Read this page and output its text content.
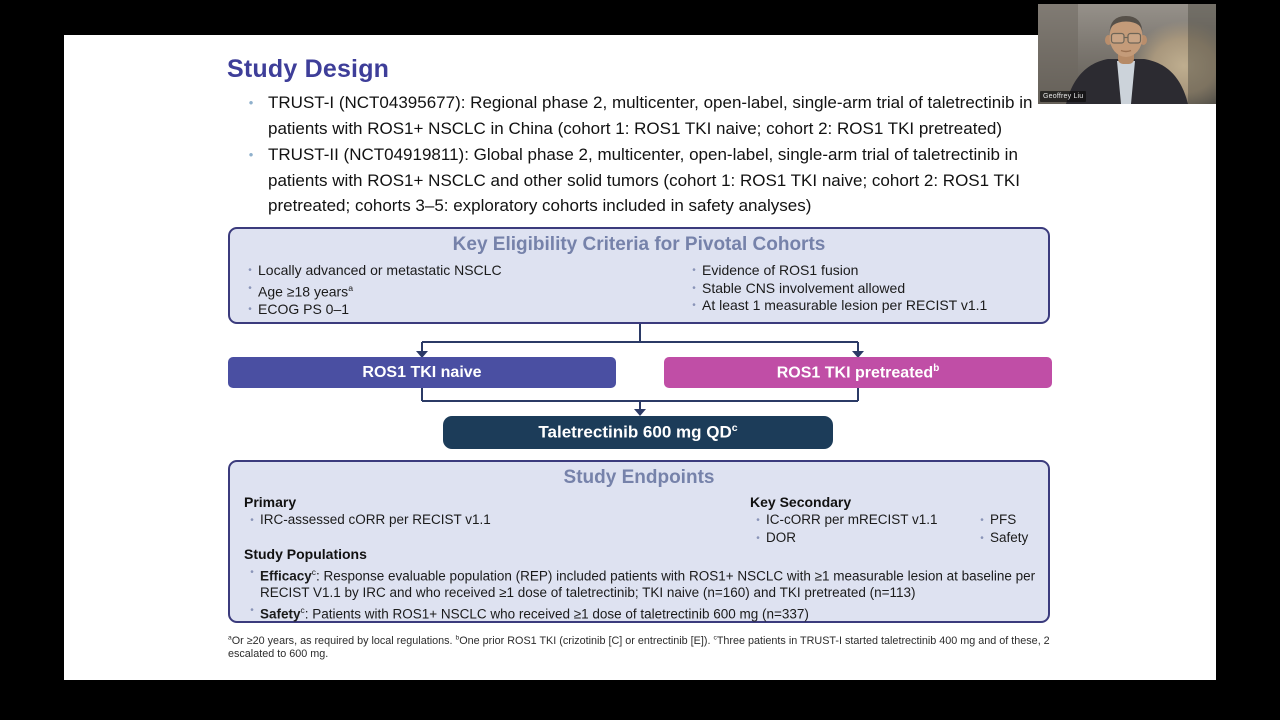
Study Design
• TRUST-I (NCT04395677): Regional phase 2, multicenter, open-label, single-arm trial of taletrectinib in patients with ROS1+ NSCLC in China (cohort 1: ROS1 TKI naive; cohort 2: ROS1 TKI pretreated)
• TRUST-II (NCT04919811): Global phase 2, multicenter, open-label, single-arm trial of taletrectinib in patients with ROS1+ NSCLC and other solid tumors (cohort 1: ROS1 TKI naive; cohort 2: ROS1 TKI pretreated; cohorts 3–5: exploratory cohorts included in safety analyses)
Key Eligibility Criteria for Pivotal Cohorts
• Locally advanced or metastatic NSCLC
• Age ≥18 years$^a$
• ECOG PS 0–1
• Evidence of ROS1 fusion
• Stable CNS involvement allowed
• At least 1 measurable lesion per RECIST v1.1
ROS1 TKI naive	ROS1 TKI pretreated$^b$
Taletrectinib 600 mg $QD^c$
Study Endpoints
Primary
• IRC-assessed cORR per RECIST v1.1
Key Secondary
• IC-cORR per mRECIST v1.1
• DOR
• PFS
• Safety
Study Populations
• Efficacy$^c$: Response evaluable population (REP) included patients with ROS1+ NSCLC with ≥1 measurable lesion at baseline per RECIST V1.1 by IRC and who received ≥1 dose of taletrectinib; TKI naive (n=160) and TKI pretreated (n=113)
• Safety$^c$: Patients with ROS1+ NSCLC who received ≥1 dose of taletrectinib 600 mg (n=337)
$^a$Or ≥20 years, as required by local regulations. $^b$One prior ROS1 TKI (crizotinib [C] or entrectinib [E]). $^c$Three patients in TRUST-I started taletrectinib 400 mg and of these, 2 escalated to 600 mg.
Geoffrey Liu
